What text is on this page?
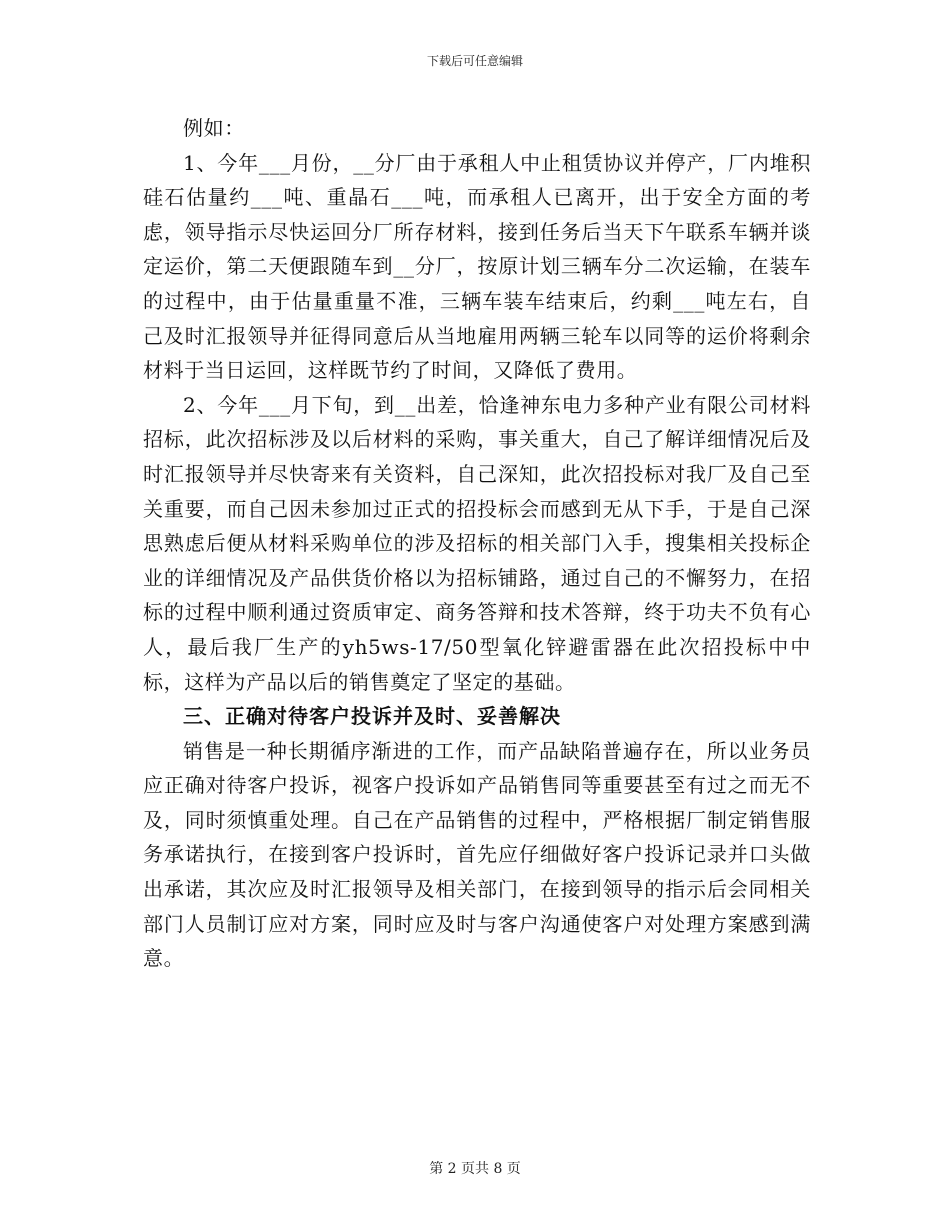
下载后可任意编辑

例如：

1、今年___月份，__分厂由于承租人中止租赁协议并停产，厂内堆积硅石估量约___吨、重晶石___吨，而承租人已离开，出于安全方面的考虑，领导指示尽快运回分厂所存材料，接到任务后当天下午联系车辆并谈定运价，第二天便跟随车到__分厂，按原计划三辆车分二次运输，在装车的过程中，由于估量重量不准，三辆车装车结束后，约剩___吨左右，自己及时汇报领导并征得同意后从当地雇用两辆三轮车以同等的运价将剩余材料于当日运回，这样既节约了时间，又降低了费用。

2、今年___月下旬，到__出差，恰逢神东电力多种产业有限公司材料招标，此次招标涉及以后材料的采购，事关重大，自己了解详细情况后及时汇报领导并尽快寄来有关资料，自己深知，此次招投标对我厂及自己至关重要，而自己因未参加过正式的招投标会而感到无从下手，于是自己深思熟虑后便从材料采购单位的涉及招标的相关部门入手，搜集相关投标企业的详细情况及产品供货价格以为招标铺路，通过自己的不懈努力，在招标的过程中顺利通过资质审定、商务答辩和技术答辩，终于功夫不负有心人，最后我厂生产的yh5ws-17/50型氧化锌避雷器在此次招投标中中标，这样为产品以后的销售奠定了坚定的基础。

三、正确对待客户投诉并及时、妥善解决

销售是一种长期循序渐进的工作，而产品缺陷普遍存在，所以业务员应正确对待客户投诉，视客户投诉如产品销售同等重要甚至有过之而无不及，同时须慎重处理。自己在产品销售的过程中，严格根据厂制定销售服务承诺执行，在接到客户投诉时，首先应仔细做好客户投诉记录并口头做出承诺，其次应及时汇报领导及相关部门，在接到领导的指示后会同相关部门人员制订应对方案，同时应及时与客户沟通使客户对处理方案感到满意。

第 2 页共 8 页
